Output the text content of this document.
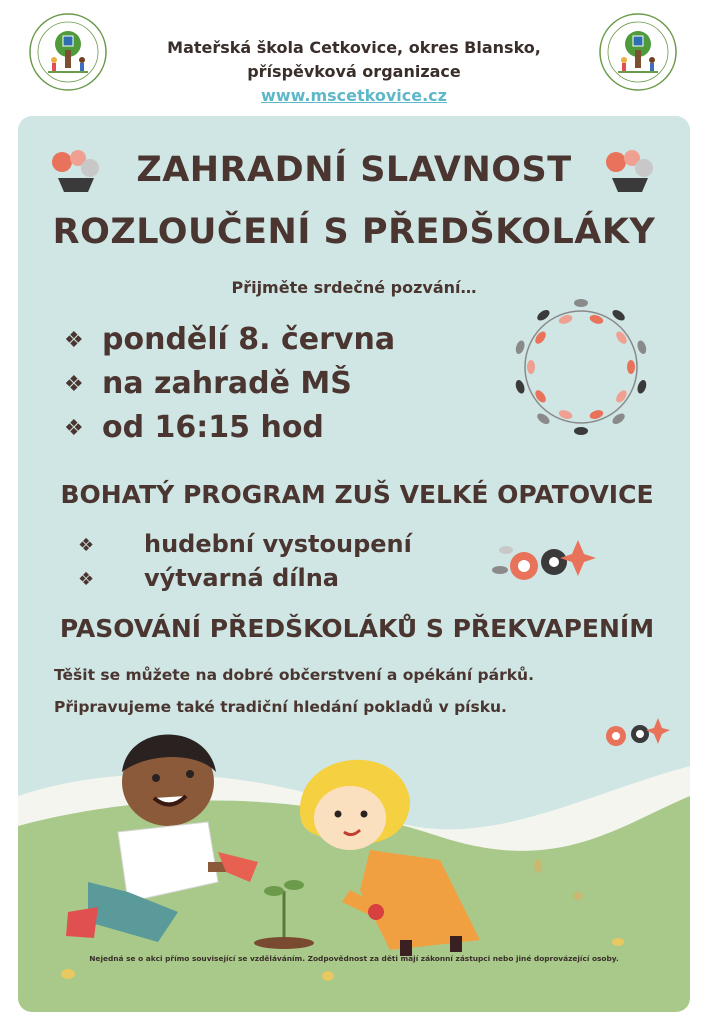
Mateřská škola Cetkovice, okres Blansko,
příspěvková organizace
www.mscetkovice.cz
ZAHRADNÍ SLAVNOST
ROZLOUČENÍ S PŘEDŠKOLÁKY
Přijměte srdečné pozvání…
❖ pondělí 8. června
❖ na zahradě MŠ
❖ od 16:15 hod
BOHATÝ PROGRAM ZUŠ VELKÉ OPATOVICE
❖ hudební vystoupení
❖ výtvarná dílna
PASOVÁNÍ PŘEDŠKOLÁKŮ S PŘEKVAPENÍM
Těšit se můžete na dobré občerstvení a opékání párků.
Připravujeme také tradiční hledání pokladů v písku.
Nejedná se o akci přímo související se vzděláváním. Zodpovědnost za děti mají zákonní zástupci nebo jiné doprovázející osoby.
